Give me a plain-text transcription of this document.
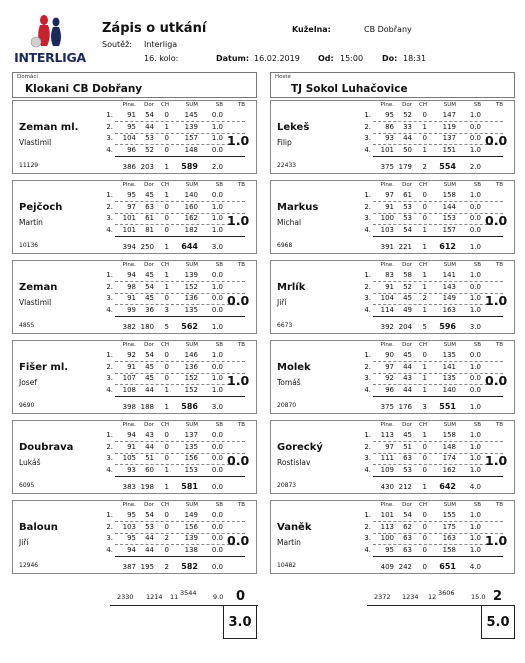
INTERLIGA
Zápis o utkání
Soutěž: Interliga
16. kolo:	Datum: 16.02.2019 Od: 15:00 Do: 18:31
Kuželna:	CB Dobřany
Domácí
Klokani CB Dobřany
Hosté
TJ Sokol Luhačovice
Zeman ml.
Vlastimil
11129
Plne.	Dor	CH	SUM	SB	TB
1.	91	54	0	145	0.0
2.	95	44	1	139	1.0
3.	104	53	0	157	1.0
4.	96	52	0	148	0.0
386 203	1	589	2.0
1.0
Pejčoch
Martin
10136
Plne.	Dor	CH	SUM	SB	TB
1.	95	45	1	140	0.0
2.	97	63	0	160	1.0
3.	101	61	0	162	1.0
4.	101	81	0	182	1.0
394 250	1	644	3.0
1.0
Zeman
Vlastimil
4855
Plne.	Dor	CH	SUM	SB	TB
1.	94	45	1	139	0.0
2.	98	54	1	152	1.0
3.	91	45	0	136	0.0
4.	99	36	3	135	0.0
382 180	5	562	1.0
0.0
Fišer ml.
Josef
9690
Plne.	Dor	CH	SUM	SB	TB
1.	92	54	0	146	1.0
2.	91	45	0	136	0.0
3.	107	45	0	152	1.0
4.	108	44	1	152	1.0
398 188	1	586	3.0
1.0
Doubrava
Lukáš
6095
Plne.	Dor	CH	SUM	SB	TB
1.	94	43	0	137	0.0
2.	91	44	0	135	0.0
3.	105	51	0	156	0.0
4.	93	60	1	153	0.0
383 198	1	581	0.0
0.0
Baloun
Jiří
12946
Plne.	Dor	CH	SUM	SB	TB
1.	95	54	0	149	0.0
2.	103	53	0	156	0.0
3.	95	44	2	139	0.0
4.	94	44	0	138	0.0
387 195	2	582	0.0
0.0
Lekeš
Filip
22433
Plne.	Dor	CH	SUM	SB	TB
1.	95	52	0	147	1.0
2.	86	33	1	119	0.0
3.	93	44	0	137	0.0
4.	101	50	1	151	1.0
375 179	2	554	2.0
0.0
Markus
Michal
6968
Plne.	Dor	CH	SUM	SB	TB
1.	97	61	0	158	1.0
2.	91	53	0	144	0.0
3.	100	53	0	153	0.0
4.	103	54	1	157	0.0
391 221	1	612	1.0
0.0
Mrlík
Jiří
6673
Plne.	Dor	CH	SUM	SB	TB
1.	83	58	1	141	1.0
2.	91	52	1	143	0.0
3.	104	45	2	149	1.0
4.	114	49	1	163	1.0
392 204	5	596	3.0
1.0
Molek
Tomáš
20870
Plne.	Dor	CH	SUM	SB	TB
1.	90	45	0	135	0.0
2.	97	44	1	141	1.0
3.	92	43	1	135	0.0
4.	96	44	1	140	0.0
375 176	3	551	1.0
0.0
Gorecký
Rostislav
20873
Plne.	Dor	CH	SUM	SB	TB
1.	113	45	1	158	1.0
2.	97	51	0	148	1.0
3.	111	63	0	174	1.0
4.	109	53	0	162	1.0
430 212	1	642	4.0
1.0
Vaněk
Martin
10482
Plne.	Dor	CH	SUM	SB	TB
1.	101	54	0	155	1.0
2.	113	62	0	175	1.0
3.	100	63	0	163	1.0
4.	95	63	0	158	1.0
409 242	0	651	4.0
1.0
2330 1214 11 3544	9.0 0
3.0
2372 1234 12 3606	15.0 2
5.0
